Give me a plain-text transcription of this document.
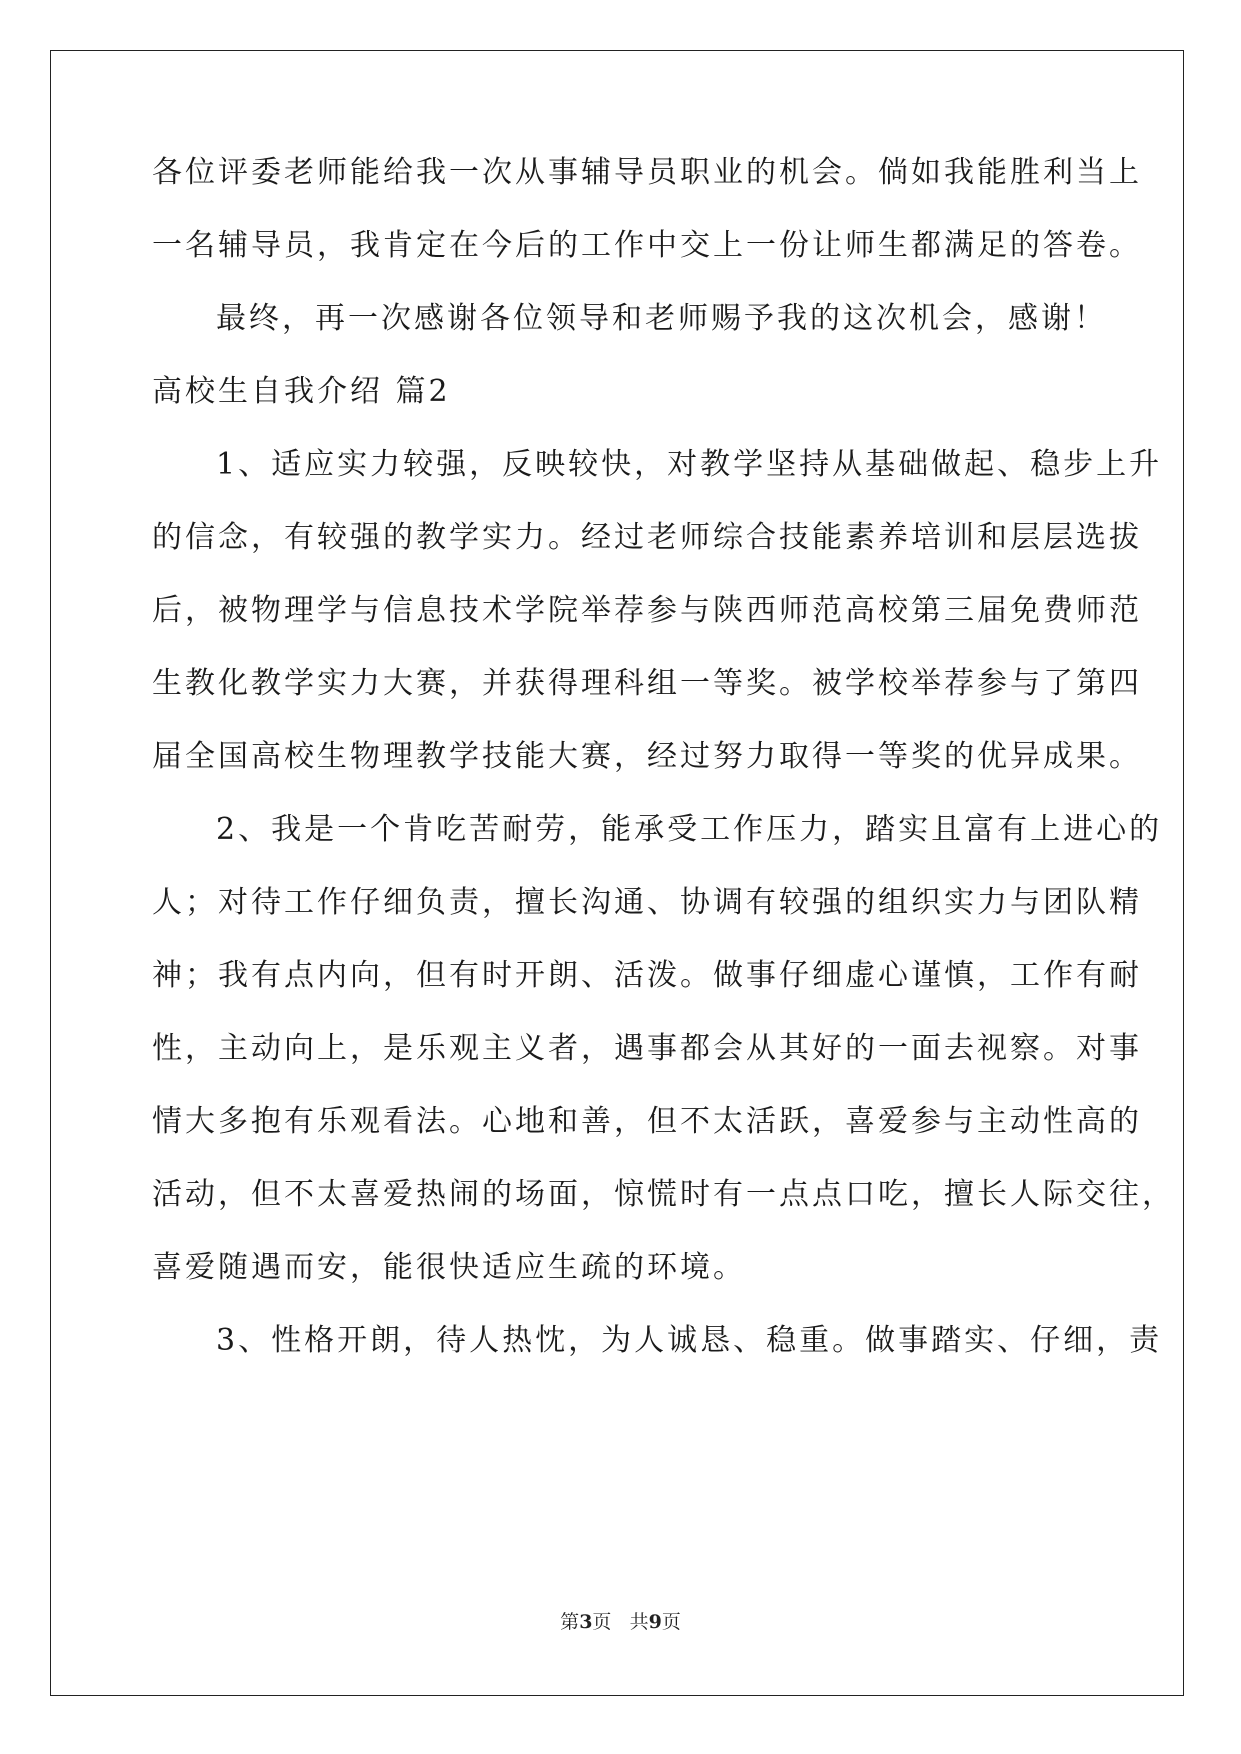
各位评委老师能给我一次从事辅导员职业的机会。倘如我能胜利当上
一名辅导员，我肯定在今后的工作中交上一份让师生都满足的答卷。
最终，再一次感谢各位领导和老师赐予我的这次机会，感谢！
高校生自我介绍 篇2
1、适应实力较强，反映较快，对教学坚持从基础做起、稳步上升
的信念，有较强的教学实力。经过老师综合技能素养培训和层层选拔
后，被物理学与信息技术学院举荐参与陕西师范高校第三届免费师范
生教化教学实力大赛，并获得理科组一等奖。被学校举荐参与了第四
届全国高校生物理教学技能大赛，经过努力取得一等奖的优异成果。
2、我是一个肯吃苦耐劳，能承受工作压力，踏实且富有上进心的
人；对待工作仔细负责，擅长沟通、协调有较强的组织实力与团队精
神；我有点内向，但有时开朗、活泼。做事仔细虚心谨慎，工作有耐
性，主动向上，是乐观主义者，遇事都会从其好的一面去视察。对事
情大多抱有乐观看法。心地和善，但不太活跃，喜爱参与主动性高的
活动，但不太喜爱热闹的场面，惊慌时有一点点口吃，擅长人际交往，
喜爱随遇而安，能很快适应生疏的环境。
3、性格开朗，待人热忱，为人诚恳、稳重。做事踏实、仔细，责
第3页 共9页
